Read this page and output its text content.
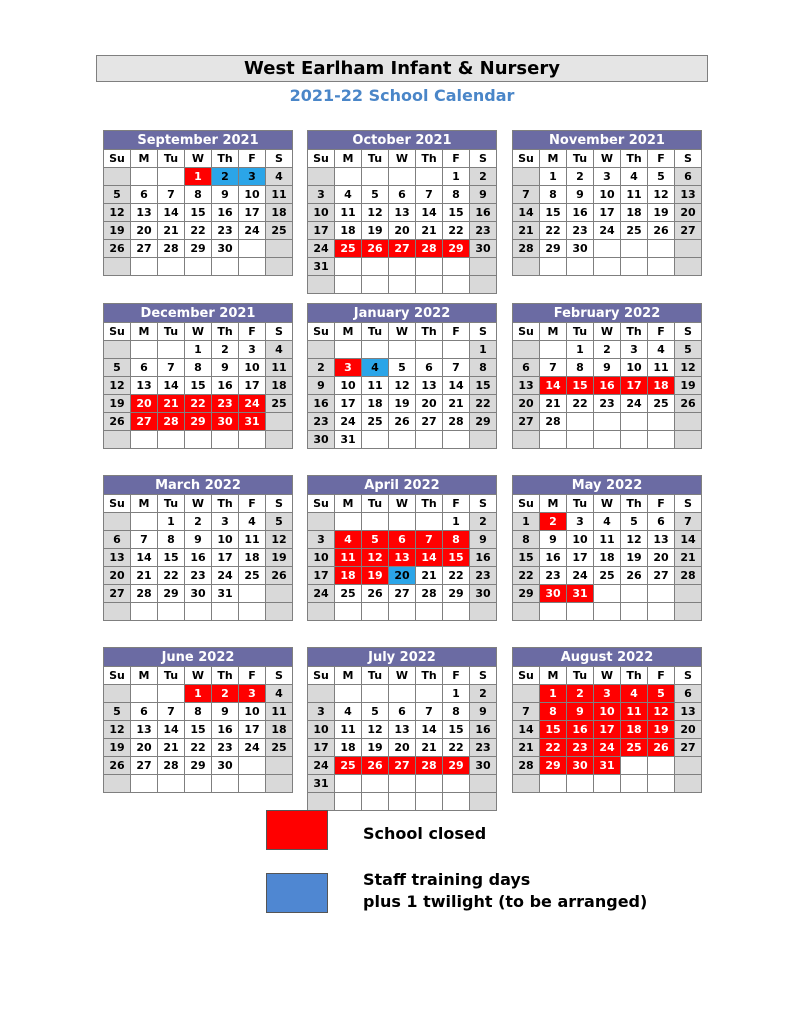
West Earlham Infant & Nursery
2021-22 School Calendar
September 2021
Su	M	Tu	W	Th	F	S
			1	2	3	4
5	6	7	8	9	10	11
12	13	14	15	16	17	18
19	20	21	22	23	24	25
26	27	28	29	30		

October 2021
Su	M	Tu	W	Th	F	S
					1	2
3	4	5	6	7	8	9
10	11	12	13	14	15	16
17	18	19	20	21	22	23
24	25	26	27	28	29	30
31						

November 2021
Su	M	Tu	W	Th	F	S
	1	2	3	4	5	6
7	8	9	10	11	12	13
14	15	16	17	18	19	20
21	22	23	24	25	26	27
28	29	30				

December 2021
Su	M	Tu	W	Th	F	S
			1	2	3	4
5	6	7	8	9	10	11
12	13	14	15	16	17	18
19	20	21	22	23	24	25
26	27	28	29	30	31	

January 2022
Su	M	Tu	W	Th	F	S
						1
2	3	4	5	6	7	8
9	10	11	12	13	14	15
16	17	18	19	20	21	22
23	24	25	26	27	28	29
30	31					
February 2022
Su	M	Tu	W	Th	F	S
		1	2	3	4	5
6	7	8	9	10	11	12
13	14	15	16	17	18	19
20	21	22	23	24	25	26
27	28					

March 2022
Su	M	Tu	W	Th	F	S
		1	2	3	4	5
6	7	8	9	10	11	12
13	14	15	16	17	18	19
20	21	22	23	24	25	26
27	28	29	30	31		

April 2022
Su	M	Tu	W	Th	F	S
					1	2
3	4	5	6	7	8	9
10	11	12	13	14	15	16
17	18	19	20	21	22	23
24	25	26	27	28	29	30

May 2022
Su	M	Tu	W	Th	F	S
1	2	3	4	5	6	7
8	9	10	11	12	13	14
15	16	17	18	19	20	21
22	23	24	25	26	27	28
29	30	31				

June 2022
Su	M	Tu	W	Th	F	S
			1	2	3	4
5	6	7	8	9	10	11
12	13	14	15	16	17	18
19	20	21	22	23	24	25
26	27	28	29	30		

July 2022
Su	M	Tu	W	Th	F	S
					1	2
3	4	5	6	7	8	9
10	11	12	13	14	15	16
17	18	19	20	21	22	23
24	25	26	27	28	29	30
31						

August 2022
Su	M	Tu	W	Th	F	S
	1	2	3	4	5	6
7	8	9	10	11	12	13
14	15	16	17	18	19	20
21	22	23	24	25	26	27
28	29	30	31			

School closed
Staff training days
plus 1 twilight (to be arranged)
